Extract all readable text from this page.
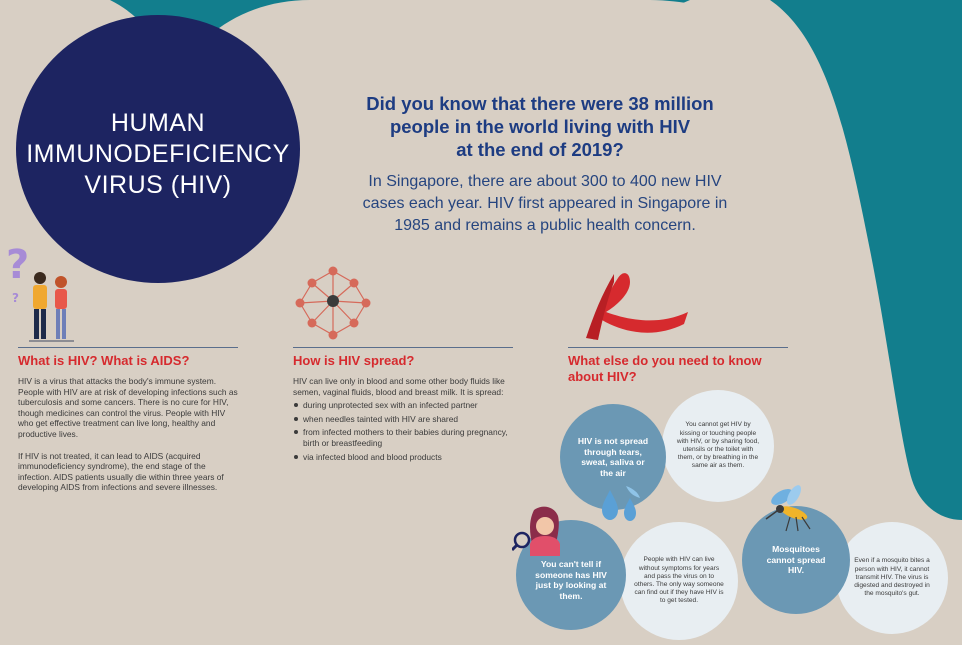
HUMAN
IMMUNODEFICIENCY
VIRUS (HIV)
Did you know that there were 38 million
people in the world living with HIV
at the end of 2019?
In Singapore, there are about 300 to 400 new HIV cases each year. HIV first appeared in Singapore in 1985 and remains a public health concern.
?
?
What is HIV? What is AIDS?	How is HIV spread?	What else do you need to know about HIV?

HIV is a virus that attacks the body's immune system. People with HIV are at risk of developing infections such as tuberculosis and some cancers. There is no cure for HIV, though medicines can control the virus. People with HIV who get effective treatment can live long, healthy and productive lives.

If HIV is not treated, it can lead to AIDS (acquired immunodeficiency syndrome), the end stage of the infection. AIDS patients usually die within three years of developing AIDS from infections and severe illnesses.

HIV can live only in blood and some other body fluids like semen, vaginal fluids, blood and breast milk. It is spread:

during unprotected sex with an infected partner
when needles tainted with HIV are shared
from infected mothers to their babies during pregnancy, birth or breastfeeding
via infected blood and blood products
You cannot get HIV by kissing or touching people with HIV, or by sharing food, utensils or the toilet with them, or by breathing in the same air as them.
HIV is not spread through tears, sweat, saliva or the air
People with HIV can live without symptoms for years and pass the virus on to others. The only way someone can find out if they have HIV is to get tested.
You can't tell if someone has HIV just by looking at them.
Even if a mosquito bites a person with HIV, it cannot transmit HIV. The virus is digested and destroyed in the mosquito's gut.
Mosquitoes cannot spread HIV.
